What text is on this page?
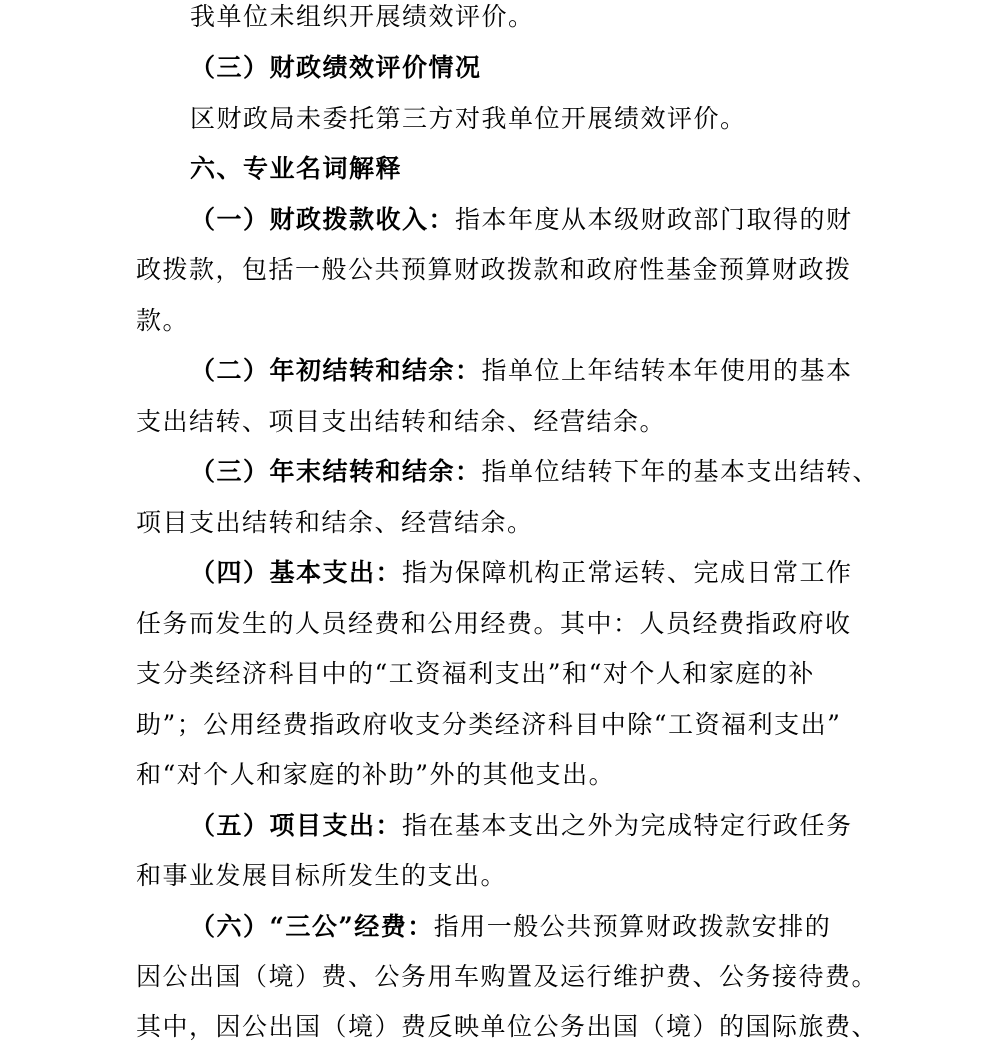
我单位未组织开展绩效评价。
（三）财政绩效评价情况
区财政局未委托第三方对我单位开展绩效评价。
六、专业名词解释
（一）财政拨款收入：指本年度从本级财政部门取得的财
政拨款，包括一般公共预算财政拨款和政府性基金预算财政拨
款。
（二）年初结转和结余：指单位上年结转本年使用的基本
支出结转、项目支出结转和结余、经营结余。
（三）年末结转和结余：指单位结转下年的基本支出结转、
项目支出结转和结余、经营结余。
（四）基本支出：指为保障机构正常运转、完成日常工作
任务而发生的人员经费和公用经费。其中：人员经费指政府收
支分类经济科目中的“工资福利支出”和“对个人和家庭的补
助”；公用经费指政府收支分类经济科目中除“工资福利支出”
和“对个人和家庭的补助”外的其他支出。
（五）项目支出：指在基本支出之外为完成特定行政任务
和事业发展目标所发生的支出。
（六）“三公”经费：指用一般公共预算财政拨款安排的
因公出国（境）费、公务用车购置及运行维护费、公务接待费。
其中，因公出国（境）费反映单位公务出国（境）的国际旅费、
